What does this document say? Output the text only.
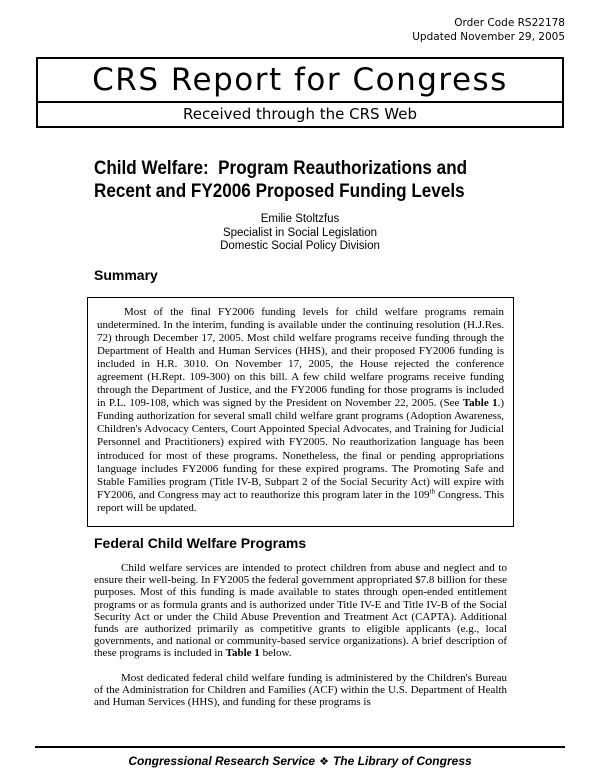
Order Code RS22178
Updated November 29, 2005
CRS Report for Congress
Received through the CRS Web
Child Welfare:  Program Reauthorizations and
Recent and FY2006 Proposed Funding Levels
Emilie Stoltzfus
Specialist in Social Legislation
Domestic Social Policy Division
Summary

Most of the final FY2006 funding levels for child welfare programs remain undetermined. In the interim, funding is available under the continuing resolution (H.J.Res. 72) through December 17, 2005. Most child welfare programs receive funding through the Department of Health and Human Services (HHS), and their proposed FY2006 funding is included in H.R. 3010. On November 17, 2005, the House rejected the conference agreement (H.Rept. 109-300) on this bill. A few child welfare programs receive funding through the Department of Justice, and the FY2006 funding for those programs is included in P.L. 109-108, which was signed by the President on November 22, 2005. (See Table 1.) Funding authorization for several small child welfare grant programs (Adoption Awareness, Children's Advocacy Centers, Court Appointed Special Advocates, and Training for Judicial Personnel and Practitioners) expired with FY2005. No reauthorization language has been introduced for most of these programs. Nonetheless, the final or pending appropriations language includes FY2006 funding for these expired programs. The Promoting Safe and Stable Families program (Title IV-B, Subpart 2 of the Social Security Act) will expire with FY2006, and Congress may act to reauthorize this program later in the 109th Congress. This report will be updated.

Federal Child Welfare Programs

Child welfare services are intended to protect children from abuse and neglect and to ensure their well-being. In FY2005 the federal government appropriated $7.8 billion for these purposes. Most of this funding is made available to states through open-ended entitlement programs or as formula grants and is authorized under Title IV-E and Title IV-B of the Social Security Act or under the Child Abuse Prevention and Treatment Act (CAPTA). Additional funds are authorized primarily as competitive grants to eligible applicants (e.g., local governments, and national or community-based service organizations). A brief description of these programs is included in Table 1 below.

Most dedicated federal child welfare funding is administered by the Children's Bureau of the Administration for Children and Families (ACF) within the U.S. Department of Health and Human Services (HHS), and funding for these programs is

Congressional Research Service ❖ The Library of Congress
